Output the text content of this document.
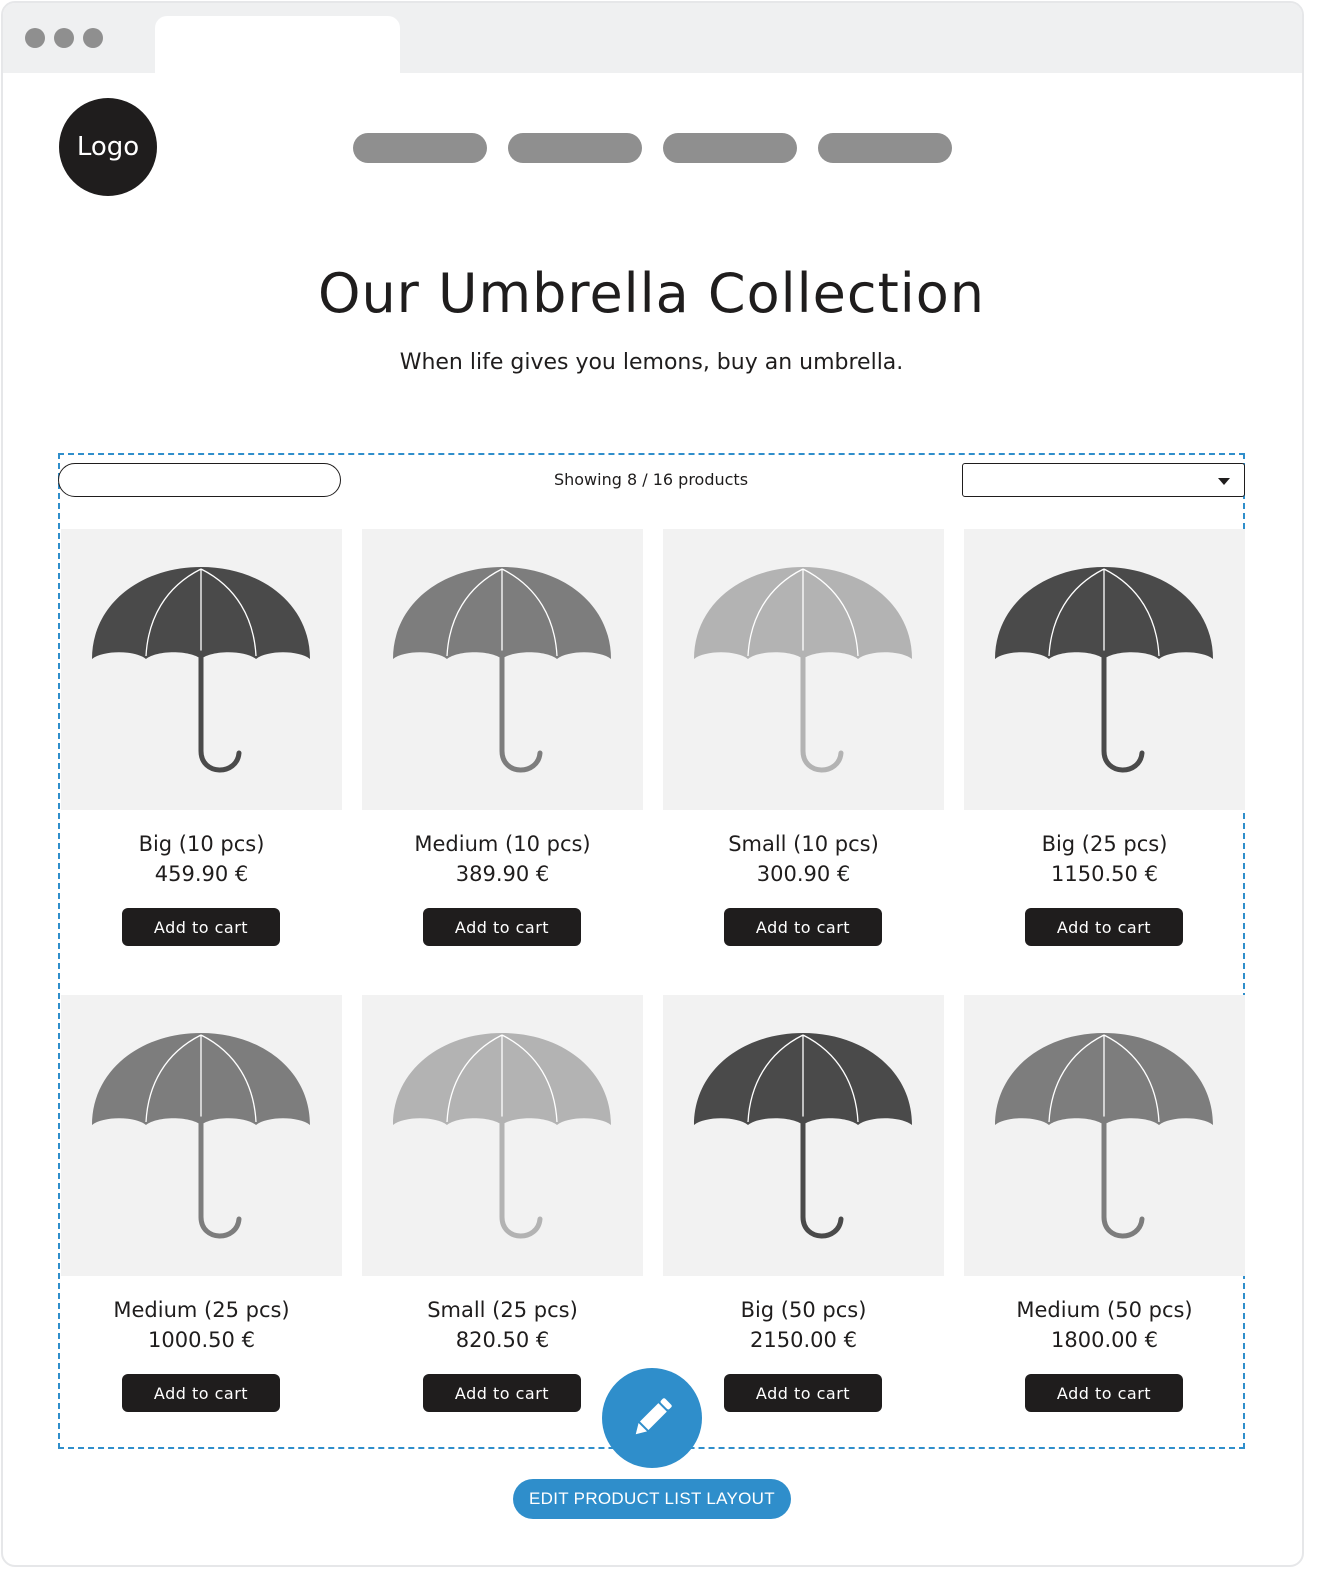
Logo
Our Umbrella Collection

When life gives you lemons, buy an umbrella.

Showing 8 / 16 products
Big (10 pcs)
459.90 €
Add to cart
Medium (10 pcs)
389.90 €
Add to cart
Small (10 pcs)
300.90 €
Add to cart
Big (25 pcs)
1150.50 €
Add to cart
Medium (25 pcs)
1000.50 €
Add to cart
Small (25 pcs)
820.50 €
Add to cart
Big (50 pcs)
2150.00 €
Add to cart
Medium (50 pcs)
1800.00 €
Add to cart
EDIT PRODUCT LIST LAYOUT
